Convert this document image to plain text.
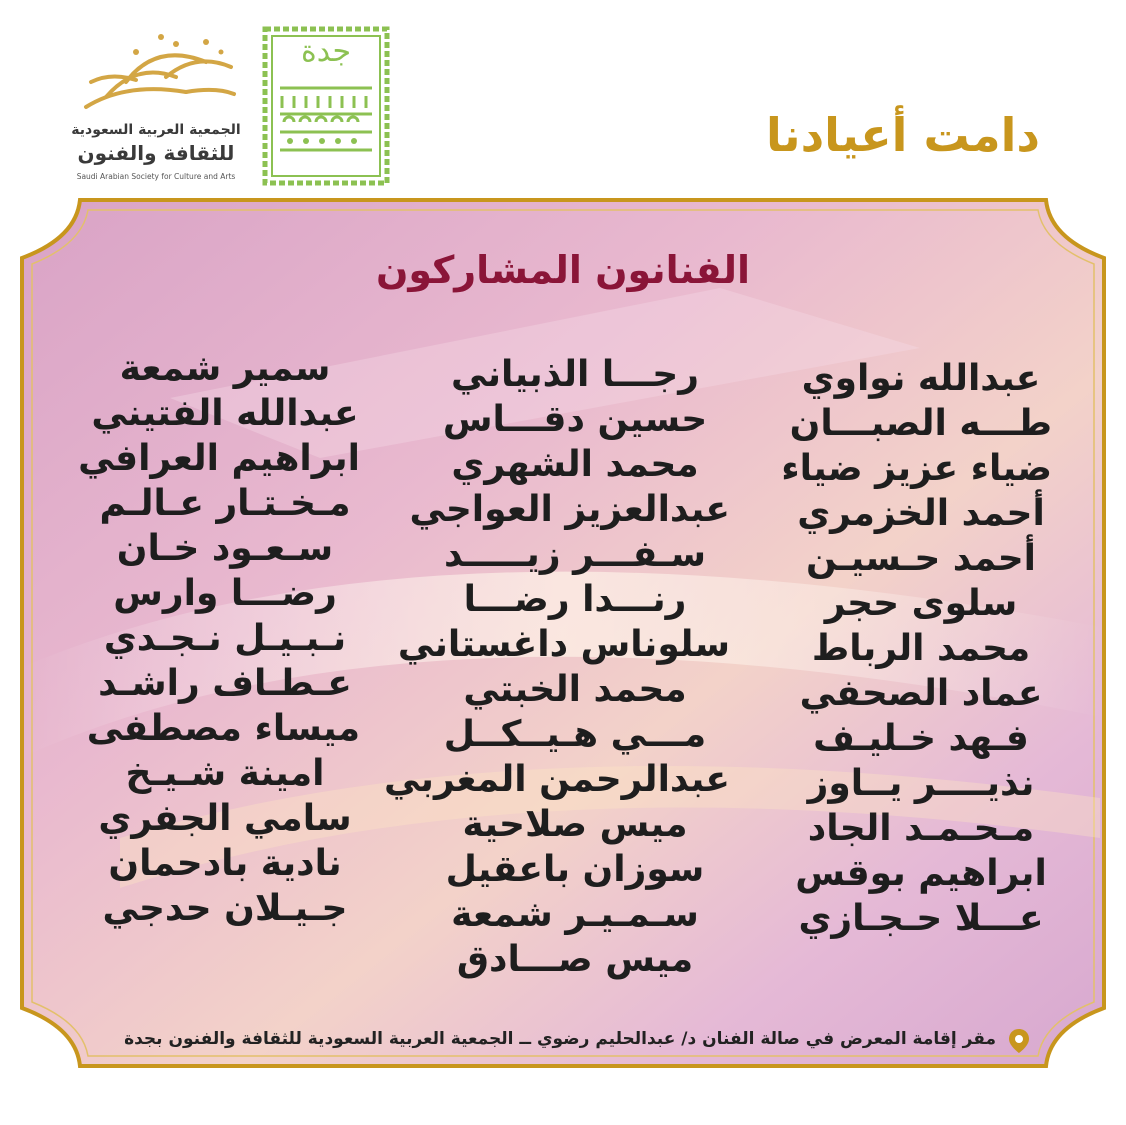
الجمعية العربية السعودية
للثقافة والفنون
Saudi Arabian Society for Culture and Arts
جدة
دامت أعيادنا
الفنانون المشاركون
عبدالله نواوي
طـــه الصبـــان
ضياء عزيز ضياء
أحمد الخزمري
أحمد حـسيـن
سلوى حجر
محمد الرباط
عماد الصحفي
فـهد خـليـف
نذيــــر يــاوز
مـحـمـد الجاد
ابراهيم بوقس
عـــلا حـجـازي
رجـــا الذبياني
حسين دقـــاس
محمد الشهري
عبدالعزيز العواجي
سـفـــر زيـــــد
رنـــدا رضـــا
سلوناس داغستاني
محمد الخبتي
مـــي هـيــكــل
عبدالرحمن المغربي
ميس صلاحية
سوزان باعقيل
سـمـيـر شمعة
ميس صـــادق
سمير شمعة
عبدالله الفتيني
ابراهيم العرافي
مـخـتـار عـالـم
سـعـود خـان
رضـــا وارس
نـبـيـل نـجـدي
عـطـاف راشـد
ميساء مصطفى
امينة شـيـخ
سامي الجفري
نادية بادحمان
جـيـلان حدجي
مقر إقامة المعرض في صالة الفنان د/ عبدالحليم رضوي ــ الجمعية العربية السعودية للثقافة والفنون بجدة
